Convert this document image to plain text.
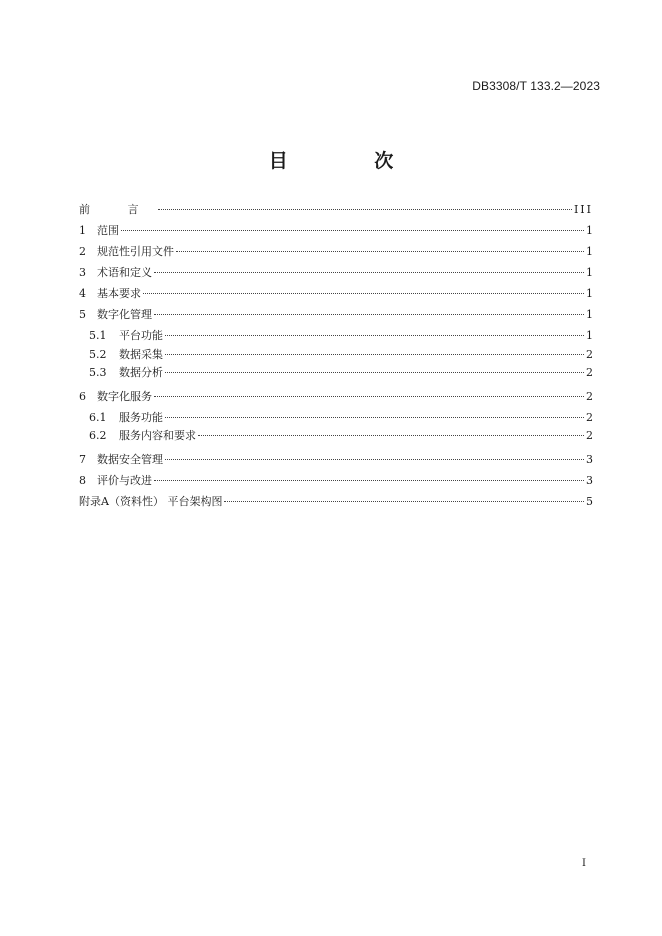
DB3308/T 133.2—2023
目 次
前 言	III
1	范围	1
2	规范性引用文件	1
3	术语和定义	1
4	基本要求	1
5	数字化管理	1
5.1	平台功能	1
5.2	数据采集	2
5.3	数据分析	2
6	数字化服务	2
6.1	服务功能	2
6.2	服务内容和要求	2
7	数据安全管理	3
8	评价与改进	3
附录A（资料性） 平台架构图	5
I
